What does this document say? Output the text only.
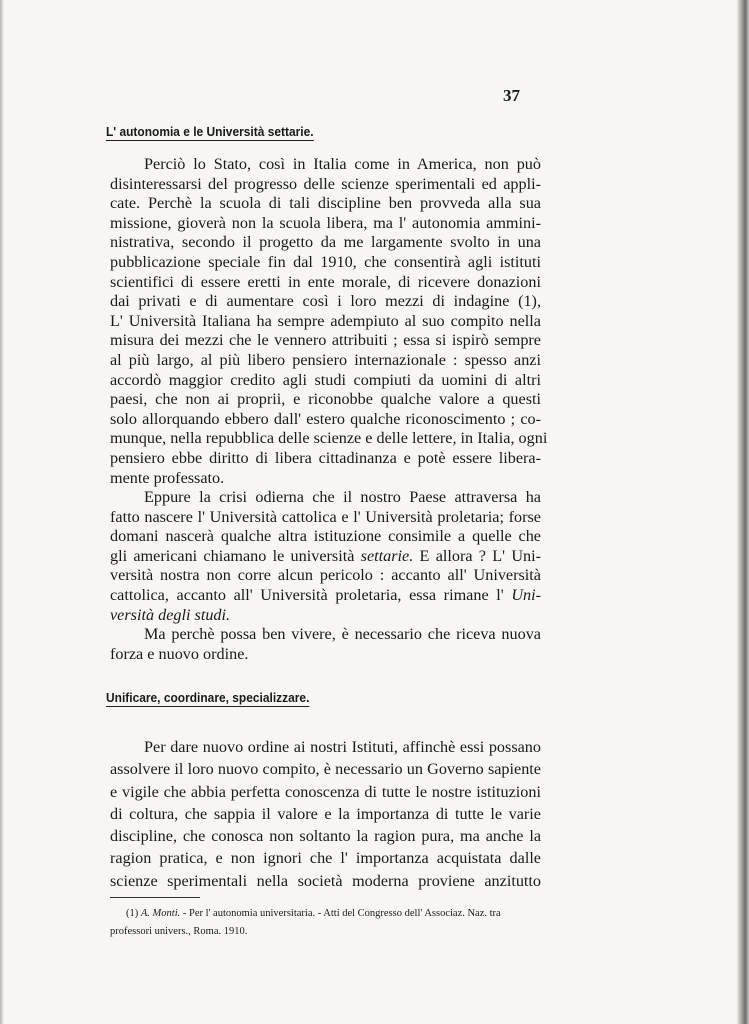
37
L' autonomia e le Università settarie.
Perciò lo Stato, così in Italia come in America, non può
disinteressarsi del progresso delle scienze sperimentali ed appli-
cate. Perchè la scuola di tali discipline ben provveda alla sua
missione, gioverà non la scuola libera, ma l' autonomia ammini-
nistrativa, secondo il progetto da me largamente svolto in una
pubblicazione speciale fin dal 1910, che consentirà agli istituti
scientifici di essere eretti in ente morale, di ricevere donazioni
dai privati e di aumentare così i loro mezzi di indagine (1),
L' Università Italiana ha sempre adempiuto al suo compito nella
misura dei mezzi che le vennero attribuiti ; essa si ispirò sempre
al più largo, al più libero pensiero internazionale : spesso anzi
accordò maggior credito agli studi compiuti da uomini di altri
paesi, che non ai proprii, e riconobbe qualche valore a questi
solo allorquando ebbero dall' estero qualche riconoscimento ; co-
munque, nella repubblica delle scienze e delle lettere, in Italia, ogni
pensiero ebbe diritto di libera cittadinanza e potè essere libera-
mente professato.
Eppure la crisi odierna che il nostro Paese attraversa ha
fatto nascere l' Università cattolica e l' Università proletaria; forse
domani nascerà qualche altra istituzione consimile a quelle che
gli americani chiamano le università settarie. E allora ? L' Uni-
versità nostra non corre alcun pericolo : accanto all' Università
cattolica, accanto all' Università proletaria, essa rimane l' Uni-
versità degli studi.
Ma perchè possa ben vivere, è necessario che riceva nuova
forza e nuovo ordine.
Unificare, coordinare, specializzare.
Per dare nuovo ordine ai nostri Istituti, affinchè essi possano
assolvere il loro nuovo compito, è necessario un Governo sapiente
e vigile che abbia perfetta conoscenza di tutte le nostre istituzioni
di coltura, che sappia il valore e la importanza di tutte le varie
discipline, che conosca non soltanto la ragion pura, ma anche la
ragion pratica, e non ignori che l' importanza acquistata dalle
scienze sperimentali nella società moderna proviene anzitutto
(1) A. Monti. - Per l' autonomia universitaria. - Atti del Congresso dell' Associaz. Naz. tra
professori univers., Roma. 1910.
